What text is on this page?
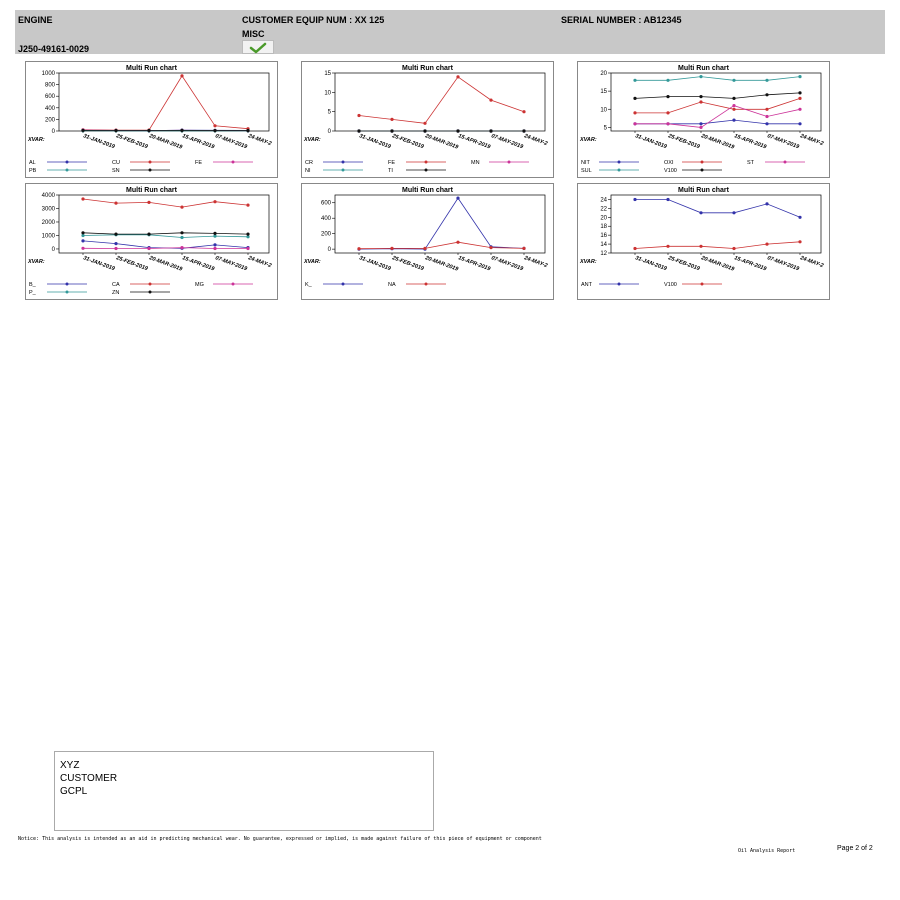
ENGINE	CUSTOMER EQUIP NUM : XX 125
MISC
SERIAL NUMBER : AB12345
J250-49161-0029
Multi Run chart
0
200
400
600
800
1000
XVAR:	31-JAN-2019 25-FEB-2019 20-MAR-2019
15-APR-2019 07-MAY-2019 24-MAY-2
AL	CU	FE
PB	SN
Multi Run chart
0
5
10
15
XVAR:	31-JAN-2019 25-FEB-2019 20-MAR-2019
15-APR-2019 07-MAY-2019 24-MAY-2
CR	FE	MN
NI	TI
Multi Run chart
5
10
15
20
XVAR:	31-JAN-2019 25-FEB-2019 20-MAR-2019
15-APR-2019 07-MAY-2019 24-MAY-2
NIT	OXI	ST
SUL	V100
Multi Run chart
0
1000
2000
3000
4000
XVAR:	31-JAN-2019 25-FEB-2019 20-MAR-2019
15-APR-2019 07-MAY-2019 24-MAY-2
B_	CA	MG
P_	ZN
Multi Run chart
0
200
400
600
XVAR:	31-JAN-2019 25-FEB-2019 20-MAR-2019
15-APR-2019 07-MAY-2019 24-MAY-2
K_	NA
Multi Run chart
12
14
16
18
20
22
24
XVAR:	31-JAN-2019 25-FEB-2019 20-MAR-2019
15-APR-2019 07-MAY-2019 24-MAY-2
ANT	V100
XYZ
CUSTOMER
GCPL
Notice: This analysis is intended as an aid in predicting mechanical wear. No guarantee, expressed or implied, is made against failure of this piece of equipment or component
Oil Analysis Report	Page 2 of 2
